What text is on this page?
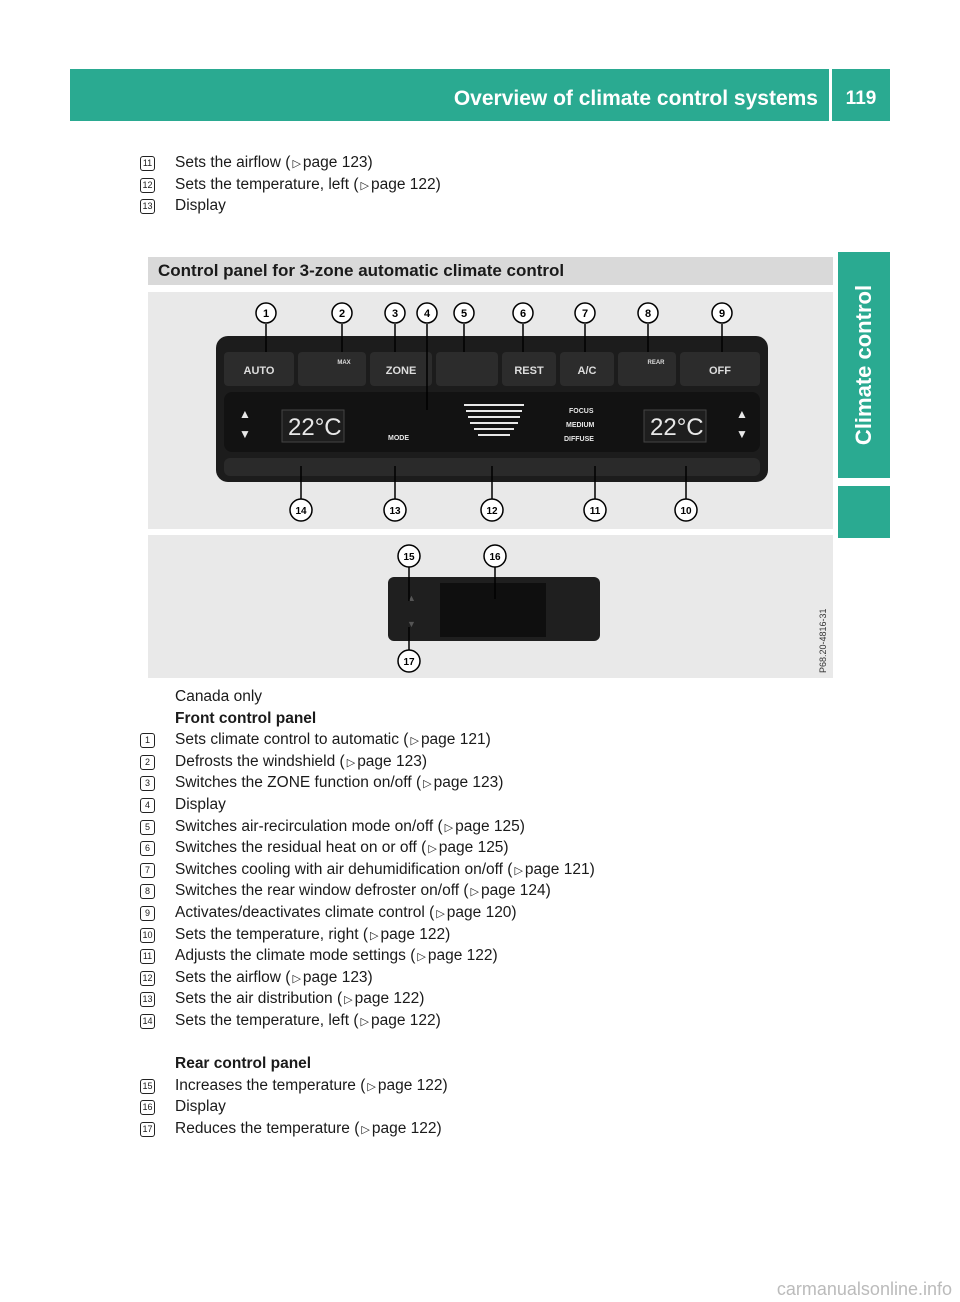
Overview of climate control systems	119
Climate control
11 Sets the airflow ( ▷ page 123)
12 Sets the temperature, left ( ▷ page 122)
13 Display
Control panel for 3-zone automatic climate control
AUTO
MAX
ZONE	REST	A/C
REAR
OFF
▲
▼ 22°C	MODE
FOCUS
MEDIUM
DIFFUSE 22°C	▲
▼
1	2	3 4	5	6	7	8	9
14	13	12	11	10
▲
▼
15	16
17	P68.20-4816-31
Canada only
Front control panel
1	Sets climate control to automatic ( ▷ page 121)
2	Defrosts the windshield ( ▷ page 123)
3	Switches the ZONE function on/off ( ▷ page 123)
4	Display
5	Switches air-recirculation mode on/off ( ▷ page 125)
6	Switches the residual heat on or off ( ▷ page 125)
7	Switches cooling with air dehumidification on/off ( ▷ page 121)
8	Switches the rear window defroster on/off ( ▷ page 124)
9	Activates/deactivates climate control ( ▷ page 120)
10 Sets the temperature, right ( ▷ page 122)
11 Adjusts the climate mode settings ( ▷ page 122)
12 Sets the airflow ( ▷ page 123)
13 Sets the air distribution ( ▷ page 122)
14 Sets the temperature, left ( ▷ page 122)
Rear control panel
15 Increases the temperature ( ▷ page 122)
16 Display
17 Reduces the temperature ( ▷ page 122)
carmanualsonline.info
